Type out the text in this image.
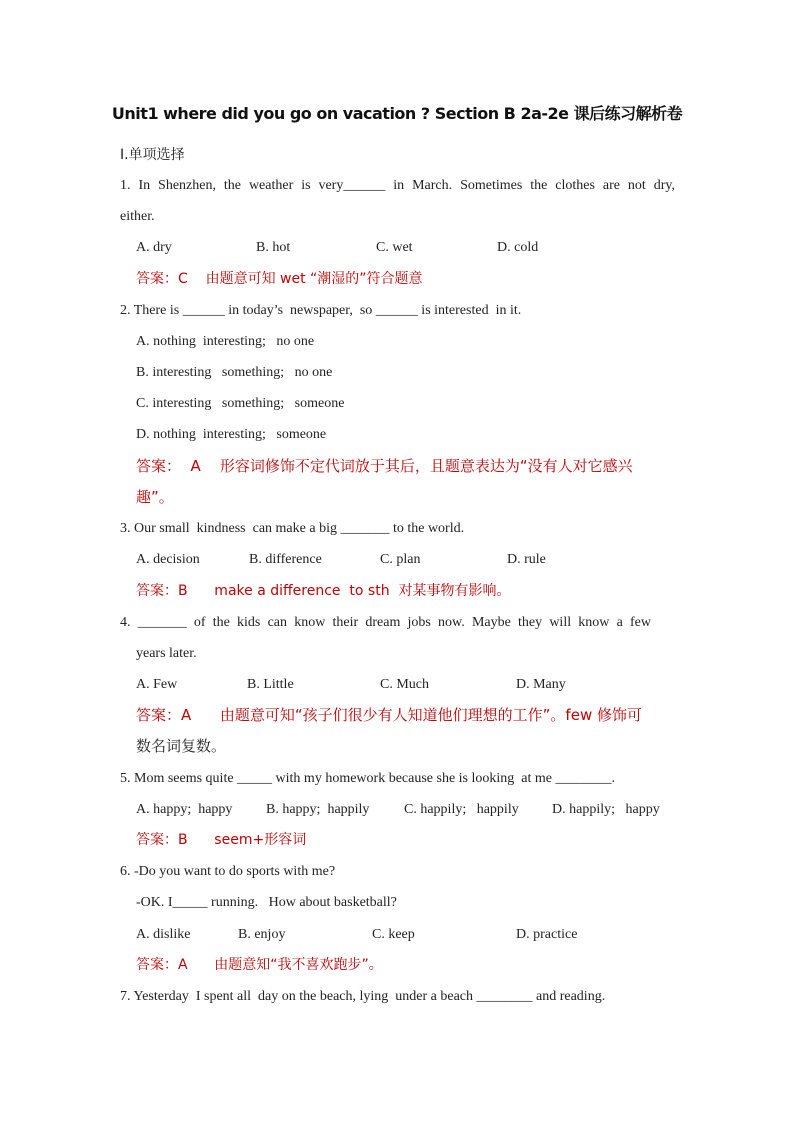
Unit1 where did you go on vacation ? Section B 2a-2e 课后练习解析卷
I.单项选择
1. In Shenzhen, the weather is very______ in March. Sometimes the clothes are not dry,
either.
A. dry	B. hot	C. wet	D. cold
答案：C    由题意可知 wet “潮湿的”符合题意
2. There is ______ in today’s  newspaper,  so ______ is interested  in it.
A. nothing  interesting;   no one
B. interesting   something;   no one
C. interesting   something;   someone
D. nothing  interesting;   someone
答案：  A    形容词修饰不定代词放于其后，且题意表达为“没有人对它感兴
趣”。
3. Our small  kindness  can make a big _______ to the world.
A. decision	B. difference	C. plan	D. rule
答案：B      make a difference  to sth  对某事物有影响。
4. _______ of the kids can know their dream jobs now. Maybe they will know a few
years later.
A. Few	B. Little	C. Much	D. Many
答案：A      由题意可知“孩子们很少有人知道他们理想的工作”。few 修饰可
数名词复数。
5. Mom seems quite _____ with my homework because she is looking  at me ________.
A. happy;  happy B. happy;  happily C. happily;   happily D. happily;   happy
答案：B      seem+形容词
6. -Do you want to do sports with me?
-OK. I_____ running.   How about basketball?
A. dislike	B. enjoy	C. keep	D. practice
答案：A      由题意知“我不喜欢跑步”。
7. Yesterday  I spent all  day on the beach, lying  under a beach ________ and reading.
